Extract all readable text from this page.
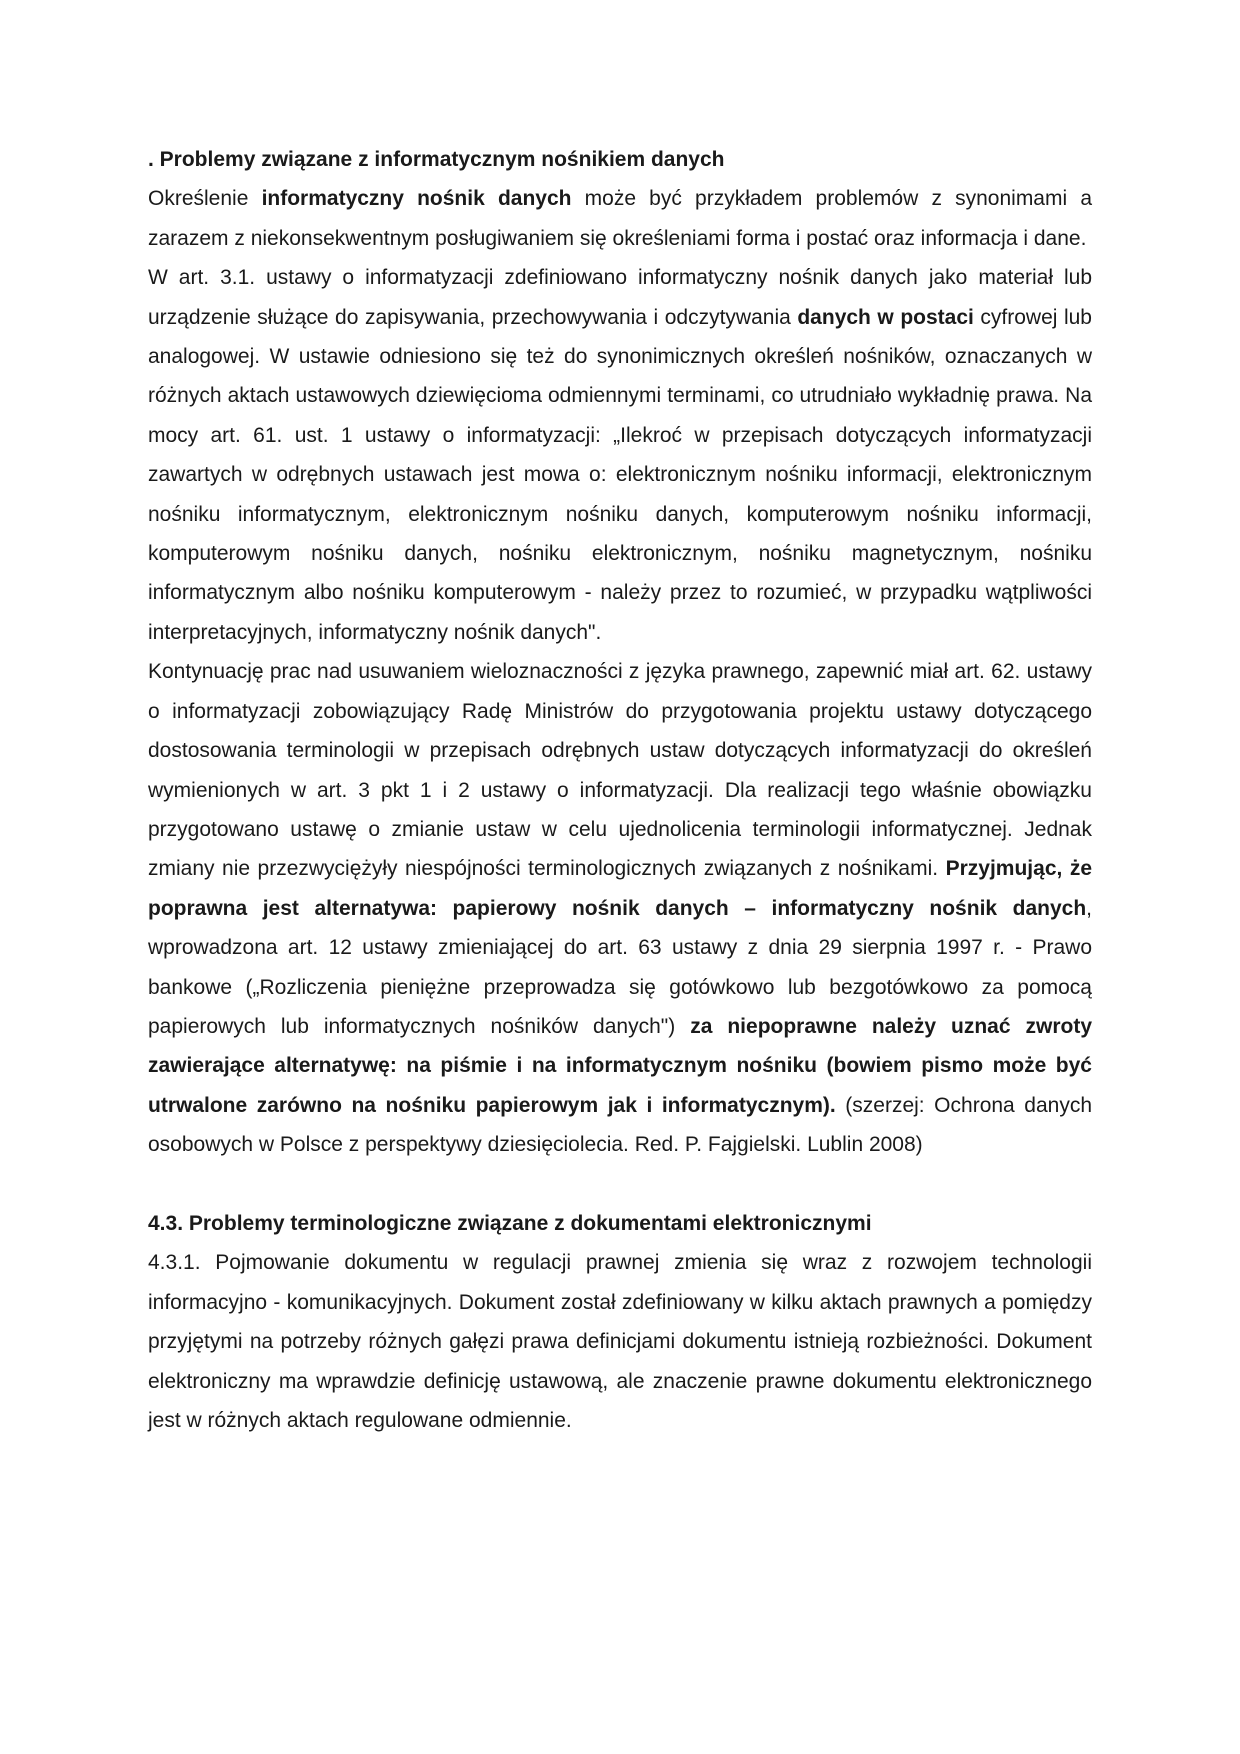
. Problemy związane z informatycznym nośnikiem danych

Określenie informatyczny nośnik danych może być przykładem problemów z synonimami a zarazem z niekonsekwentnym posługiwaniem się określeniami forma i postać oraz informacja i dane.

W art. 3.1. ustawy o informatyzacji zdefiniowano informatyczny nośnik danych jako materiał lub urządzenie służące do zapisywania, przechowywania i odczytywania danych w postaci cyfrowej lub analogowej. W ustawie odniesiono się też do synonimicznych określeń nośników, oznaczanych w różnych aktach ustawowych dziewięcioma odmiennymi terminami, co utrudniało wykładnię prawa. Na mocy art. 61. ust. 1 ustawy o informatyzacji: „Ilekroć w przepisach dotyczących informatyzacji zawartych w odrębnych ustawach jest mowa o: elektronicznym nośniku informacji, elektronicznym nośniku informatycznym, elektronicznym nośniku danych, komputerowym nośniku informacji, komputerowym nośniku danych, nośniku elektronicznym, nośniku magnetycznym, nośniku informatycznym albo nośniku komputerowym - należy przez to rozumieć, w przypadku wątpliwości interpretacyjnych, informatyczny nośnik danych".

Kontynuację prac nad usuwaniem wieloznaczności z języka prawnego, zapewnić miał art. 62. ustawy o informatyzacji zobowiązujący Radę Ministrów do przygotowania projektu ustawy dotyczącego dostosowania terminologii w przepisach odrębnych ustaw dotyczących informatyzacji do określeń wymienionych w art. 3 pkt 1 i 2 ustawy o informatyzacji. Dla realizacji tego właśnie obowiązku przygotowano ustawę o zmianie ustaw w celu ujednolicenia terminologii informatycznej. Jednak zmiany nie przezwyciężyły niespójności terminologicznych związanych z nośnikami. Przyjmując, że poprawna jest alternatywa: papierowy nośnik danych – informatyczny nośnik danych, wprowadzona art. 12 ustawy zmieniającej do art. 63 ustawy z dnia 29 sierpnia 1997 r. - Prawo bankowe („Rozliczenia pieniężne przeprowadza się gotówkowo lub bezgotówkowo za pomocą papierowych lub informatycznych nośników danych") za niepoprawne należy uznać zwroty zawierające alternatywę: na piśmie i na informatycznym nośniku (bowiem pismo może być utrwalone zarówno na nośniku papierowym jak i informatycznym). (szerzej: Ochrona danych osobowych w Polsce z perspektywy dziesięciolecia. Red. P. Fajgielski. Lublin 2008)

4.3. Problemy terminologiczne związane z dokumentami elektronicznymi

4.3.1. Pojmowanie dokumentu w regulacji prawnej zmienia się wraz z rozwojem technologii informacyjno - komunikacyjnych. Dokument został zdefiniowany w kilku aktach prawnych a pomiędzy przyjętymi na potrzeby różnych gałęzi prawa definicjami dokumentu istnieją rozbieżności. Dokument elektroniczny ma wprawdzie definicję ustawową, ale znaczenie prawne dokumentu elektronicznego jest w różnych aktach regulowane odmiennie.
